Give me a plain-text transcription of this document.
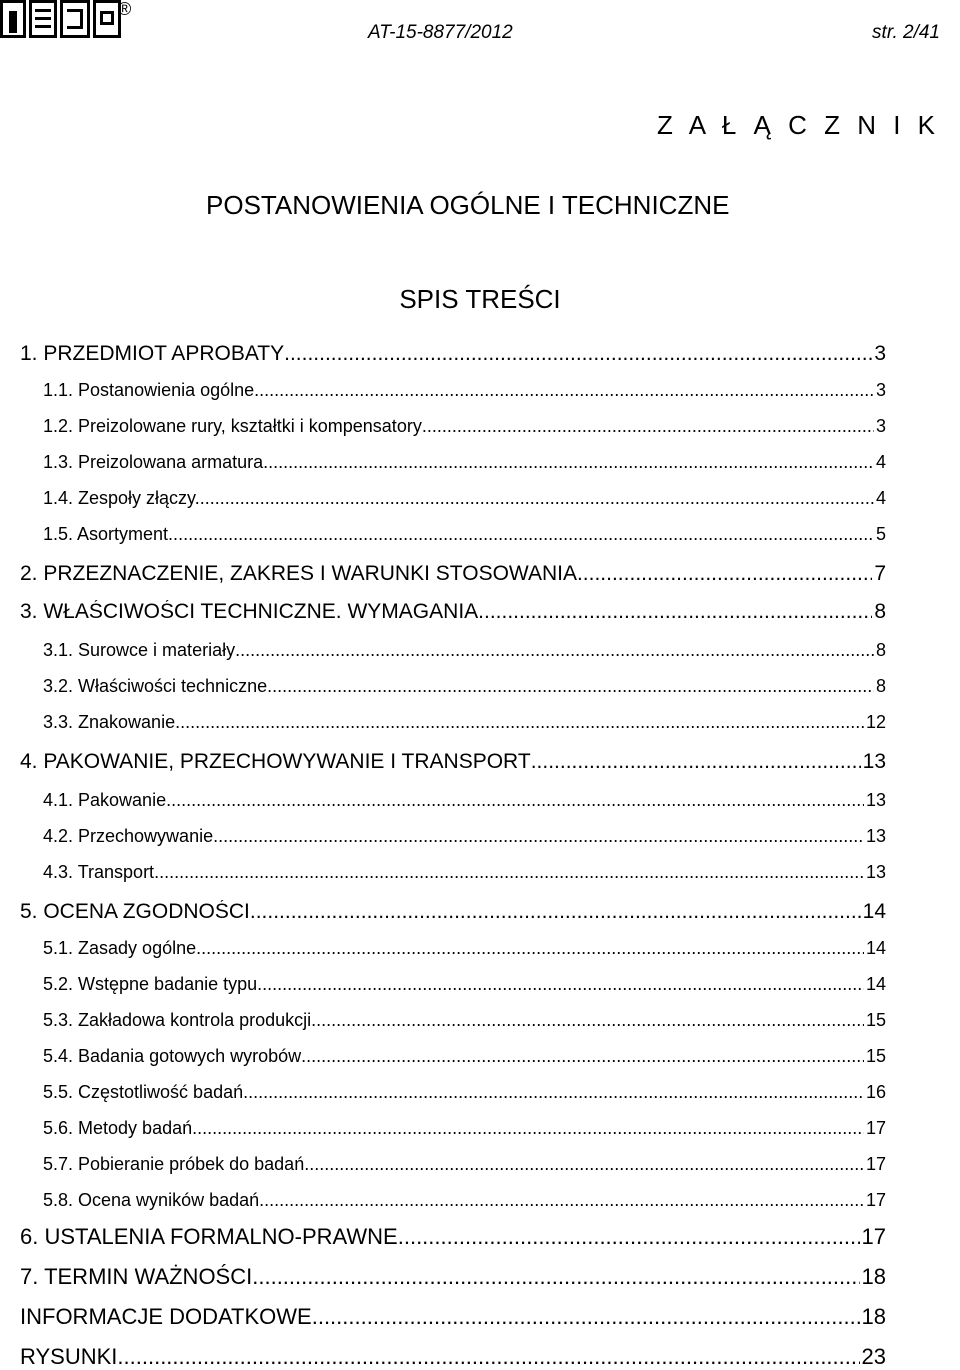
®
AT-15-8877/2012	str. 2/41
Z A Ł Ą C Z N I K
POSTANOWIENIA OGÓLNE I TECHNICZNE
SPIS TREŚCI
1. PRZEDMIOT APROBATY .....	3
1.1. Postanowienia ogólne .....	3
1.2. Preizolowane rury, kształtki i kompensatory .....	3
1.3. Preizolowana armatura .....	4
1.4. Zespoły złączy.. .....	4
1.5. Asortyment.. .....	5
2. PRZEZNACZENIE, ZAKRES I WARUNKI STOSOWANIA .....	7
3. WŁAŚCIWOŚCI TECHNICZNE. WYMAGANIA .....	8
3.1. Surowce i materiały .....	8
3.2. Właściwości techniczne .....	8
3.3. Znakowanie .....	12
4. PAKOWANIE, PRZECHOWYWANIE I TRANSPORT .....	13
4.1. Pakowanie .....	13
4.2. Przechowywanie .....	13
4.3. Transport .....	13
5. OCENA ZGODNOŚCI .....	14
5.1. Zasady ogólne .....	14
5.2. Wstępne badanie typu .....	14
5.3. Zakładowa kontrola produkcji .....	15
5.4. Badania gotowych wyrobów .....	15
5.5. Częstotliwość badań .....	16
5.6. Metody badań .....	17
5.7. Pobieranie próbek do badań .....	17
5.8. Ocena wyników badań .....	17
6. USTALENIA FORMALNO-PRAWNE .....	17
7. TERMIN WAŻNOŚCI .....	18
INFORMACJE DODATKOWE .....	18
RYSUNKI .....	23
